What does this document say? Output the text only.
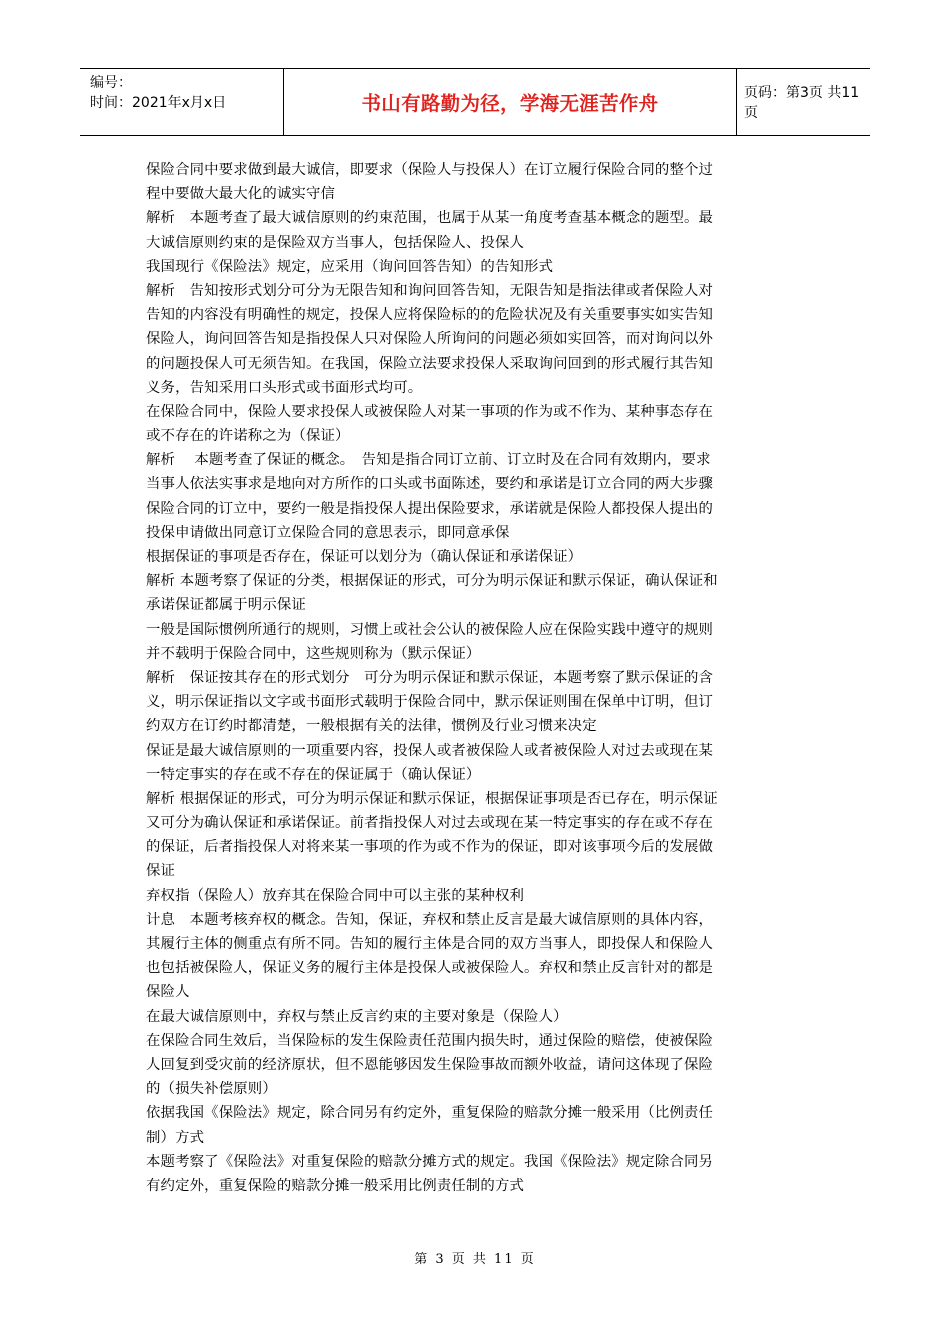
编号：
时间：2021年x月x日	书山有路勤为径，学海无涯苦作舟	页码：第3页 共11页
保险合同中要求做到最大诚信，即要求（保险人与投保人）在订立履行保险合同的整个过
程中要做大最大化的诚实守信
解析　本题考查了最大诚信原则的约束范围，也属于从某一角度考查基本概念的题型。最
大诚信原则约束的是保险双方当事人，包括保险人、投保人
我国现行《保险法》规定，应采用（询问回答告知）的告知形式
解析　告知按形式划分可分为无限告知和询问回答告知，无限告知是指法律或者保险人对
告知的内容没有明确性的规定，投保人应将保险标的的危险状况及有关重要事实如实告知
保险人，询问回答告知是指投保人只对保险人所询问的问题必须如实回答，而对询问以外
的问题投保人可无须告知。在我国，保险立法要求投保人采取询问回到的形式履行其告知
义务，告知采用口头形式或书面形式均可。
在保险合同中，保险人要求投保人或被保险人对某一事项的作为或不作为、某种事态存在
或不存在的许诺称之为（保证）
解析　 本题考查了保证的概念。　告知是指合同订立前、订立时及在合同有效期内，要求
当事人依法实事求是地向对方所作的口头或书面陈述，要约和承诺是订立合同的两大步骤
保险合同的订立中，要约一般是指投保人提出保险要求，承诺就是保险人都投保人提出的
投保申请做出同意订立保险合同的意思表示，即同意承保
根据保证的事项是否存在，保证可以划分为（确认保证和承诺保证）
解析 本题考察了保证的分类，根据保证的形式，可分为明示保证和默示保证，确认保证和
承诺保证都属于明示保证
一般是国际惯例所通行的规则，习惯上或社会公认的被保险人应在保险实践中遵守的规则
并不载明于保险合同中，这些规则称为（默示保证）
解析　保证按其存在的形式划分　可分为明示保证和默示保证，本题考察了默示保证的含
义，明示保证指以文字或书面形式载明于保险合同中，默示保证则围在保单中订明，但订
约双方在订约时都清楚，一般根据有关的法律，惯例及行业习惯来决定
保证是最大诚信原则的一项重要内容，投保人或者被保险人或者被保险人对过去或现在某
一特定事实的存在或不存在的保证属于（确认保证）
解析 根据保证的形式，可分为明示保证和默示保证，根据保证事项是否已存在，明示保证
又可分为确认保证和承诺保证。前者指投保人对过去或现在某一特定事实的存在或不存在
的保证，后者指投保人对将来某一事项的作为或不作为的保证，即对该事项今后的发展做
保证
弃权指（保险人）放弃其在保险合同中可以主张的某种权利
计息　本题考核弃权的概念。告知，保证，弃权和禁止反言是最大诚信原则的具体内容，
其履行主体的侧重点有所不同。告知的履行主体是合同的双方当事人，即投保人和保险人
也包括被保险人，保证义务的履行主体是投保人或被保险人。弃权和禁止反言针对的都是
保险人
在最大诚信原则中，弃权与禁止反言约束的主要对象是（保险人）
在保险合同生效后，当保险标的发生保险责任范围内损失时，通过保险的赔偿，使被保险
人回复到受灾前的经济原状，但不恩能够因发生保险事故而额外收益，请问这体现了保险
的（损失补偿原则）
依据我国《保险法》规定，除合同另有约定外，重复保险的赔款分摊一般采用（比例责任
制）方式
本题考察了《保险法》对重复保险的赔款分摊方式的规定。我国《保险法》规定除合同另
有约定外，重复保险的赔款分摊一般采用比例责任制的方式
第 3 页 共 11 页
